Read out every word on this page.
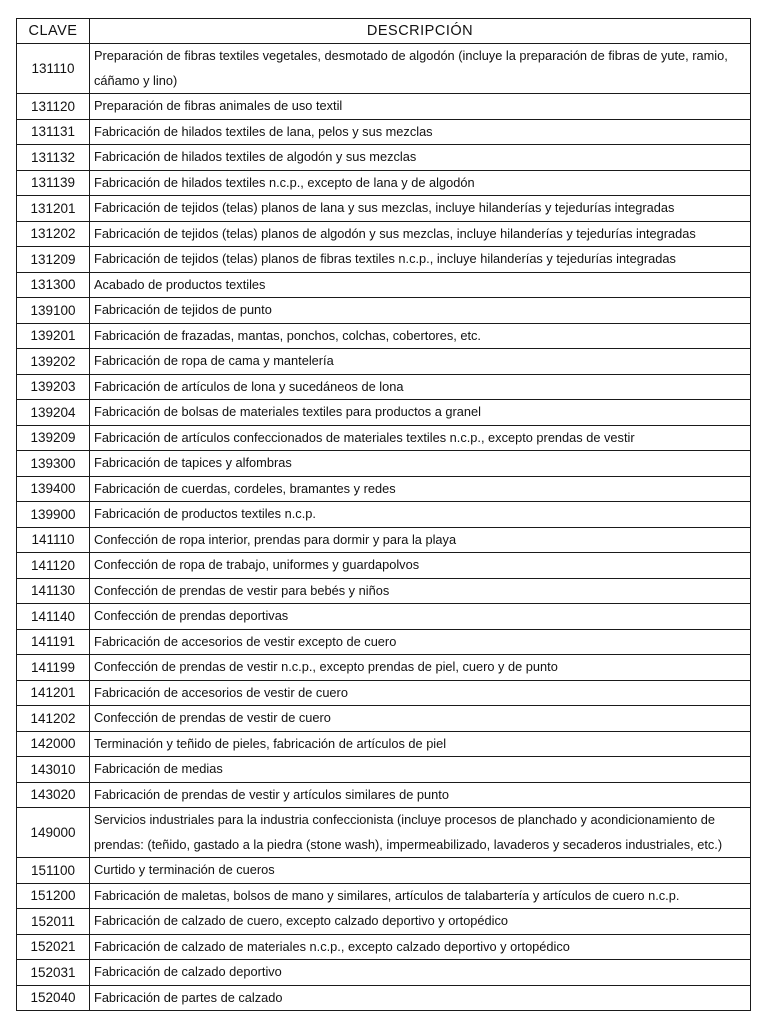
CLAVE	DESCRIPCIÓN
131110	Preparación de fibras textiles vegetales, desmotado de algodón (incluye la preparación de fibras de yute, ramio, cáñamo y lino)
131120	Preparación de fibras animales de uso textil
131131	Fabricación de hilados textiles de lana, pelos y sus mezclas
131132	Fabricación de hilados textiles de algodón y sus mezclas
131139	Fabricación de hilados textiles n.c.p., excepto de lana y de algodón
131201	Fabricación de tejidos (telas) planos de lana y sus mezclas, incluye hilanderías y tejedurías integradas
131202	Fabricación de tejidos (telas) planos de algodón y sus mezclas, incluye hilanderías y tejedurías integradas
131209	Fabricación de tejidos (telas) planos de fibras textiles n.c.p., incluye hilanderías y tejedurías integradas
131300	Acabado de productos textiles
139100	Fabricación de tejidos de punto
139201	Fabricación de frazadas, mantas, ponchos, colchas, cobertores, etc.
139202	Fabricación de ropa de cama y mantelería
139203	Fabricación de artículos de lona y sucedáneos de lona
139204	Fabricación de bolsas de materiales textiles para productos a granel
139209	Fabricación de artículos confeccionados de materiales textiles n.c.p., excepto prendas de vestir
139300	Fabricación de tapices y alfombras
139400	Fabricación de cuerdas, cordeles, bramantes y redes
139900	Fabricación de productos textiles n.c.p.
141110	Confección de ropa interior, prendas para dormir y para la playa
141120	Confección de ropa de trabajo, uniformes y guardapolvos
141130	Confección de prendas de vestir para bebés y niños
141140	Confección de prendas deportivas
141191	Fabricación de accesorios de vestir excepto de cuero
141199	Confección de prendas de vestir n.c.p., excepto prendas de piel, cuero y de punto
141201	Fabricación de accesorios de vestir de cuero
141202	Confección de prendas de vestir de cuero
142000	Terminación y teñido de pieles, fabricación de artículos de piel
143010	Fabricación de medias
143020	Fabricación de prendas de vestir y artículos similares de punto
149000	Servicios industriales para la industria confeccionista (incluye procesos de planchado y acondicionamiento de prendas: (teñido, gastado a la piedra (stone wash), impermeabilizado, lavaderos y secaderos industriales, etc.)
151100	Curtido y terminación de cueros
151200	Fabricación de maletas, bolsos de mano y similares, artículos de talabartería y artículos de cuero n.c.p.
152011	Fabricación de calzado de cuero, excepto calzado deportivo y ortopédico
152021	Fabricación de calzado de materiales n.c.p., excepto calzado deportivo y ortopédico
152031	Fabricación de calzado deportivo
152040	Fabricación de partes de calzado
